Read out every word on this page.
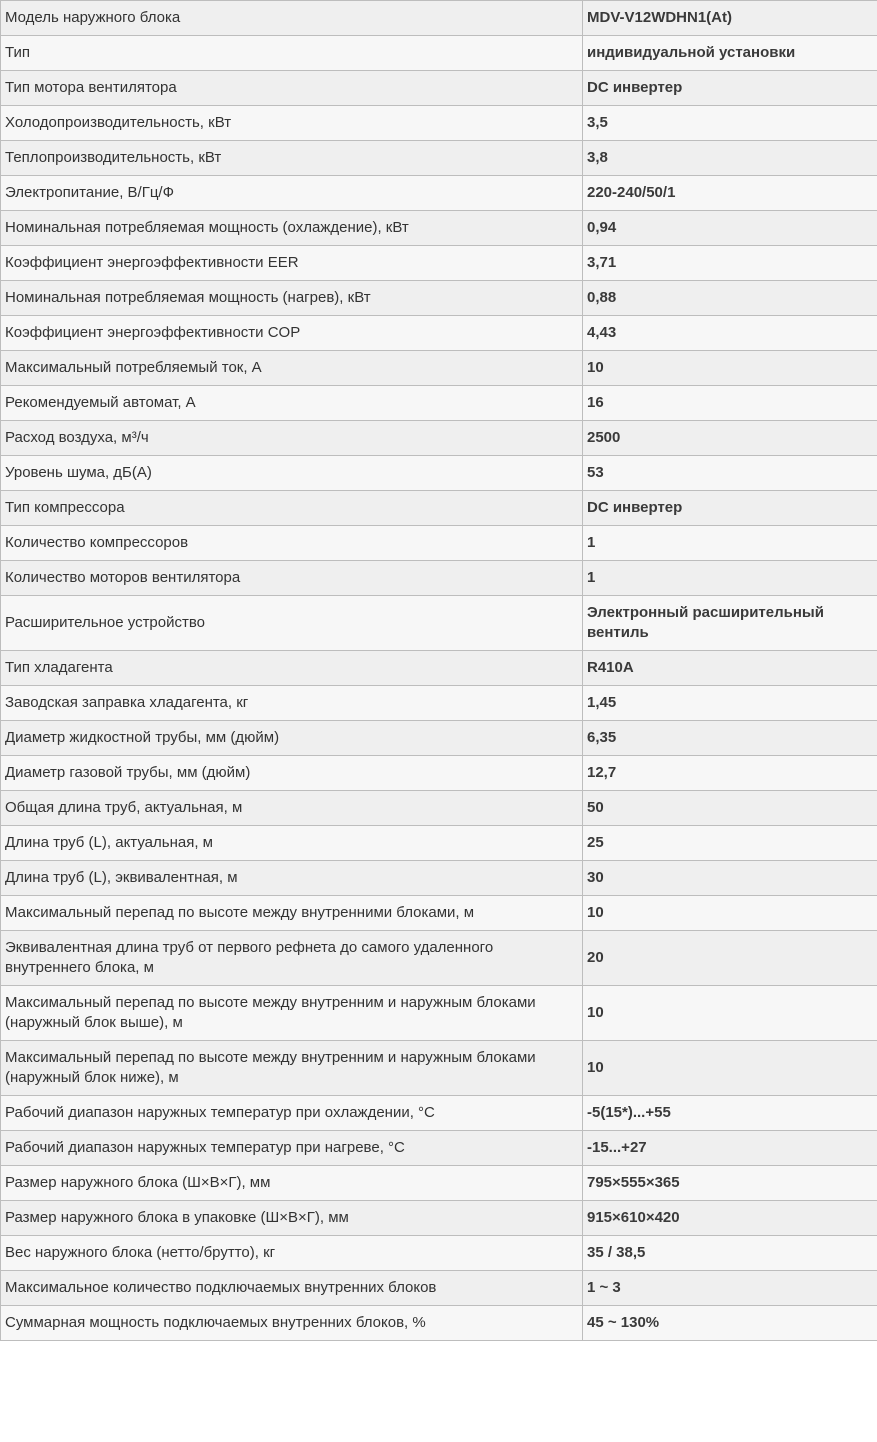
Модель наружного блока	MDV-V12WDHN1(At)
Тип	индивидуальной установки
Тип мотора вентилятора	DC инвертер
Холодопроизводительность, кВт	3,5
Теплопроизводительность, кВт	3,8
Электропитание, В/Гц/Ф	220-240/50/1
Номинальная потребляемая мощность (охлаждение), кВт	0,94
Коэффициент энергоэффективности EER	3,71
Номинальная потребляемая мощность (нагрев), кВт	0,88
Коэффициент энергоэффективности COP	4,43
Максимальный потребляемый ток, А	10
Рекомендуемый автомат, А	16
Расход воздуха, м³/ч	2500
Уровень шума, дБ(А)	53
Тип компрессора	DC инвертер
Количество компрессоров	1
Количество моторов вентилятора	1
Расширительное устройство	Электронный расширительный вентиль
Тип хладагента	R410A
Заводская заправка хладагента, кг	1,45
Диаметр жидкостной трубы, мм (дюйм)	6,35
Диаметр газовой трубы, мм (дюйм)	12,7
Общая длина труб, актуальная, м	50
Длина труб (L), актуальная, м	25
Длина труб (L), эквивалентная, м	30
Максимальный перепад по высоте между внутренними блоками, м	10
Эквивалентная длина труб от первого рефнета до самого удаленного внутреннего блока, м	20
Максимальный перепад по высоте между внутренним и наружным блоками (наружный блок выше), м	10
Максимальный перепад по высоте между внутренним и наружным блоками (наружный блок ниже), м	10
Рабочий диапазон наружных температур при охлаждении, °С	-5(15*)...+55
Рабочий диапазон наружных температур при нагреве, °С	-15...+27
Размер наружного блока (Ш×В×Г), мм	795×555×365
Размер наружного блока в упаковке (Ш×В×Г), мм	915×610×420
Вес наружного блока (нетто/брутто), кг	35 / 38,5
Максимальное количество подключаемых внутренних блоков	1 ~ 3
Суммарная мощность подключаемых внутренних блоков, %	45 ~ 130%
